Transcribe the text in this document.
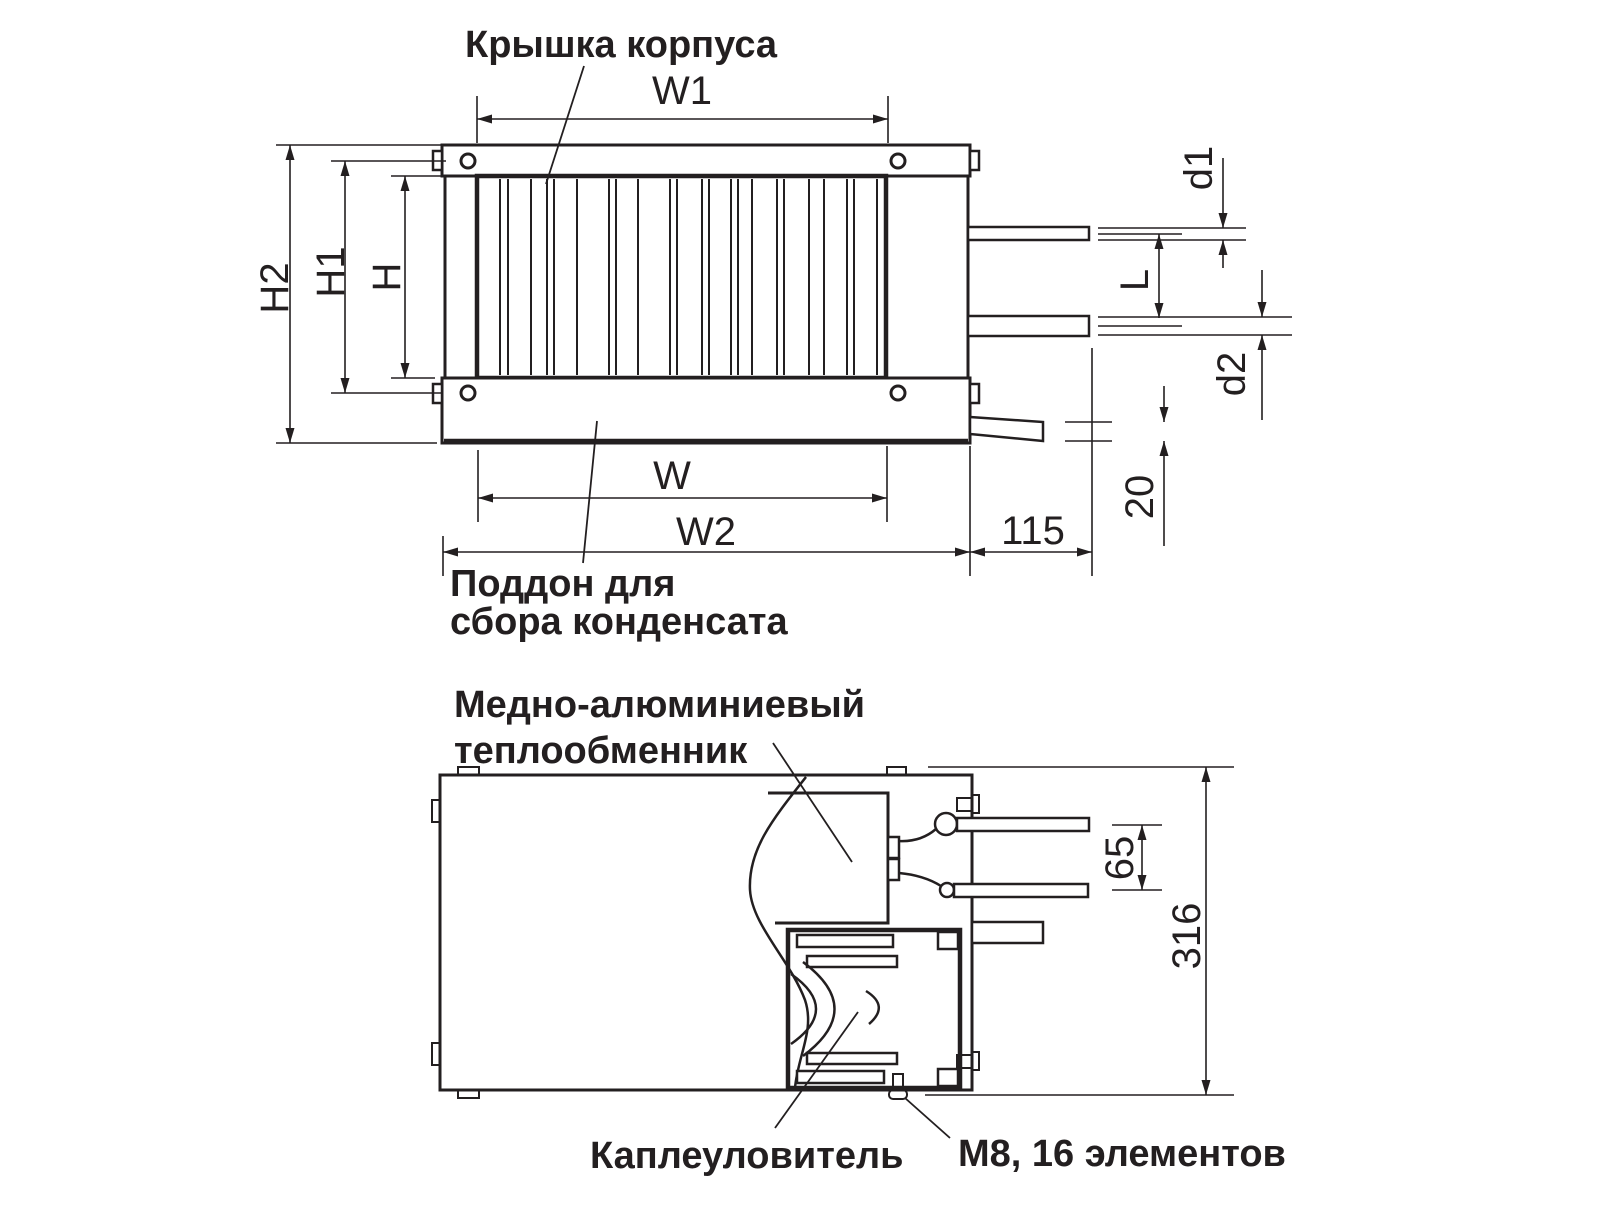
W1
H2 H1 H
W
W2	115
20
d1
L
d2
Крышка корпуса
Поддон для
сбора конденсата
65
316
Медно-алюминиевый
теплообменник
Каплеуловитель М8, 16 элементов
